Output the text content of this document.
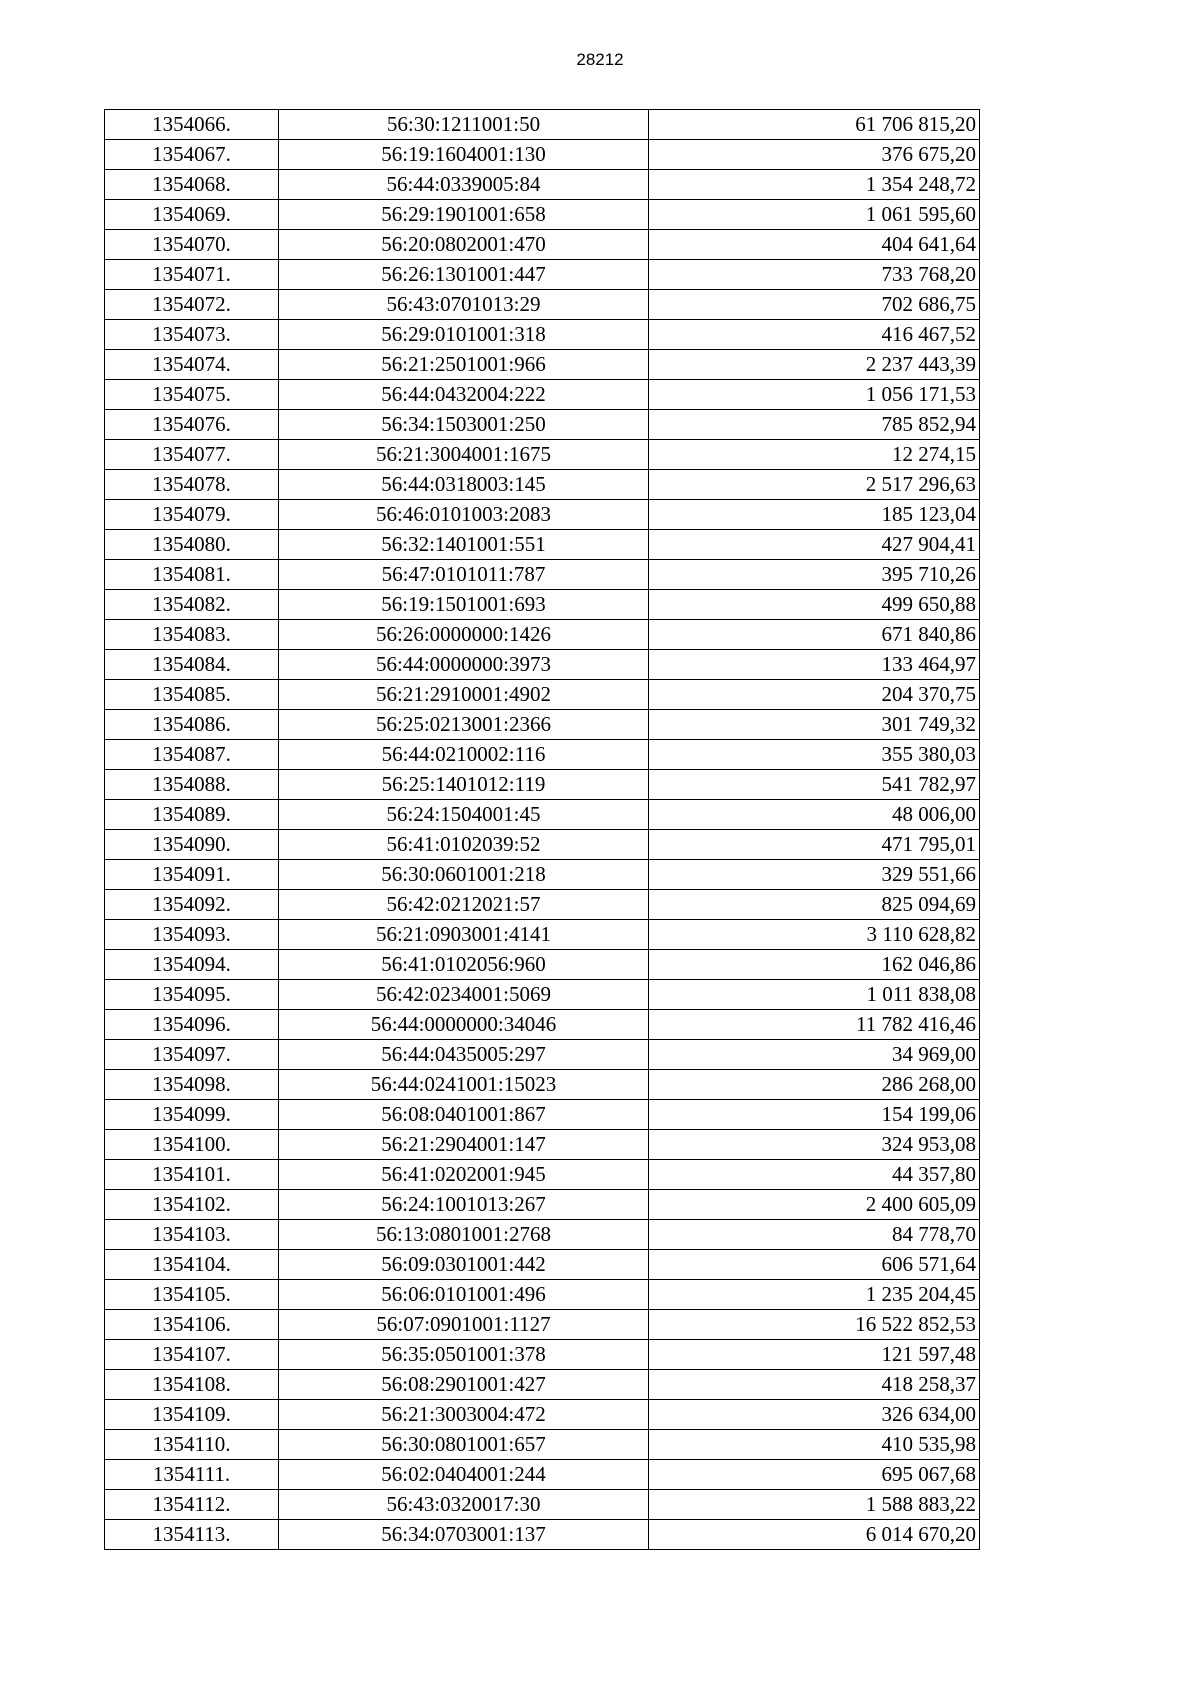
28212
1354066.	56:30:1211001:50	61 706 815,20
1354067.	56:19:1604001:130	376 675,20
1354068.	56:44:0339005:84	1 354 248,72
1354069.	56:29:1901001:658	1 061 595,60
1354070.	56:20:0802001:470	404 641,64
1354071.	56:26:1301001:447	733 768,20
1354072.	56:43:0701013:29	702 686,75
1354073.	56:29:0101001:318	416 467,52
1354074.	56:21:2501001:966	2 237 443,39
1354075.	56:44:0432004:222	1 056 171,53
1354076.	56:34:1503001:250	785 852,94
1354077.	56:21:3004001:1675	12 274,15
1354078.	56:44:0318003:145	2 517 296,63
1354079.	56:46:0101003:2083	185 123,04
1354080.	56:32:1401001:551	427 904,41
1354081.	56:47:0101011:787	395 710,26
1354082.	56:19:1501001:693	499 650,88
1354083.	56:26:0000000:1426	671 840,86
1354084.	56:44:0000000:3973	133 464,97
1354085.	56:21:2910001:4902	204 370,75
1354086.	56:25:0213001:2366	301 749,32
1354087.	56:44:0210002:116	355 380,03
1354088.	56:25:1401012:119	541 782,97
1354089.	56:24:1504001:45	48 006,00
1354090.	56:41:0102039:52	471 795,01
1354091.	56:30:0601001:218	329 551,66
1354092.	56:42:0212021:57	825 094,69
1354093.	56:21:0903001:4141	3 110 628,82
1354094.	56:41:0102056:960	162 046,86
1354095.	56:42:0234001:5069	1 011 838,08
1354096.	56:44:0000000:34046	11 782 416,46
1354097.	56:44:0435005:297	34 969,00
1354098.	56:44:0241001:15023	286 268,00
1354099.	56:08:0401001:867	154 199,06
1354100.	56:21:2904001:147	324 953,08
1354101.	56:41:0202001:945	44 357,80
1354102.	56:24:1001013:267	2 400 605,09
1354103.	56:13:0801001:2768	84 778,70
1354104.	56:09:0301001:442	606 571,64
1354105.	56:06:0101001:496	1 235 204,45
1354106.	56:07:0901001:1127	16 522 852,53
1354107.	56:35:0501001:378	121 597,48
1354108.	56:08:2901001:427	418 258,37
1354109.	56:21:3003004:472	326 634,00
1354110.	56:30:0801001:657	410 535,98
1354111.	56:02:0404001:244	695 067,68
1354112.	56:43:0320017:30	1 588 883,22
1354113.	56:34:0703001:137	6 014 670,20
